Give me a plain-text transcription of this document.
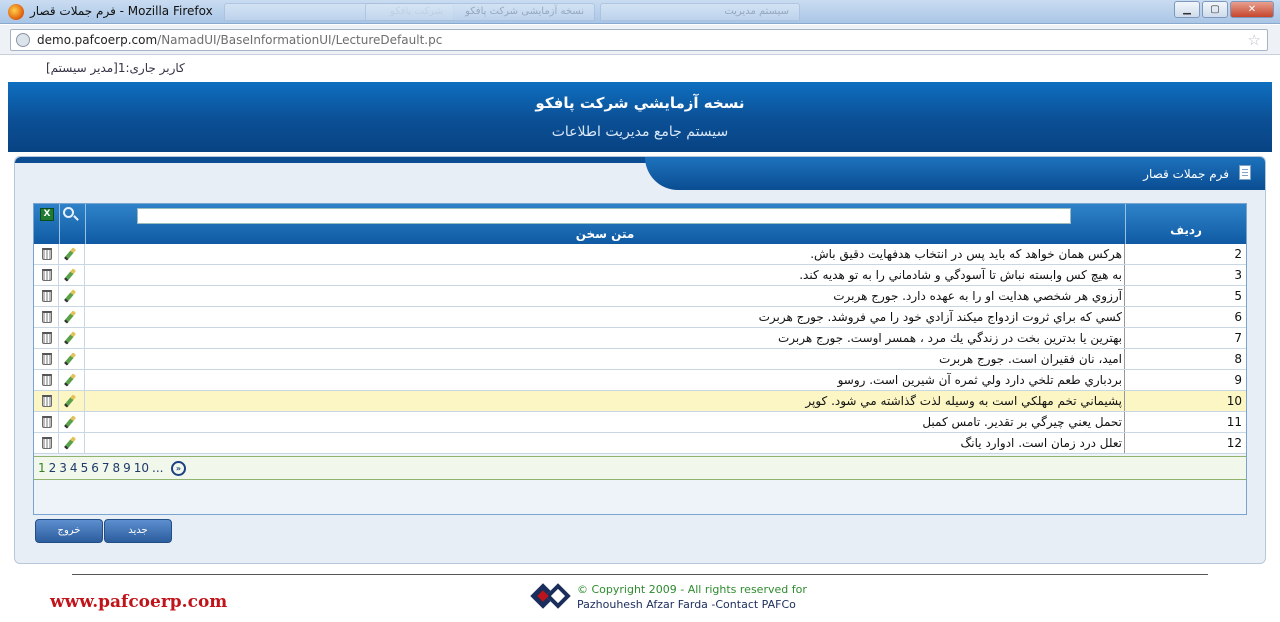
فرم جملات قصار - Mozilla Firefox	نسخه آزمایشی شرکت پافکو	سیستم مدیریت	▁	▢	✕
demo.pafcoerp.com/NamadUI/BaseInformationUI/LectureDefault.pc	☆
كاربر جاری:1[مدير سيستم]
نسخه آزمايشي شركت پافكو
سيستم جامع مديريت اطلاعات
فرم جملات قصار
X
متن سخن	رديف
هركس همان خواهد كه بايد پس در انتخاب هدفهايت دقيق باش.	2
به هيچ كس وابسته نباش تا آسودگي و شادماني را به تو هديه كند.	3
آرزوي هر شخصي هدايت او را به عهده دارد. جورج هربرت	5
كسي كه براي ثروت ازدواج ميكند آزادي خود را مي فروشد. جورج هربرت	6
بهترين يا بدترين بخت در زندگي يك مرد ، همسر اوست. جورج هربرت	7
اميد، نان فقيران است. جورج هربرت	8
بردباري طعم تلخي دارد ولي ثمره آن شيرين است. روسو	9
پشيماني تخم مهلكي است به وسيله لذت گذاشته مي شود. كوپر	10
تحمل يعني چيرگي بر تقدير. تامس كمبل	11
تعلل درد زمان است. ادوارد يانگ	12
1 2 3 4 5 6 7 8 9 10 ...	»
جديد
خروج
www.pafcoerp.com
© Copyright 2009 - All rights reserved for
Pazhouhesh Afzar Farda -Contact PAFCo
